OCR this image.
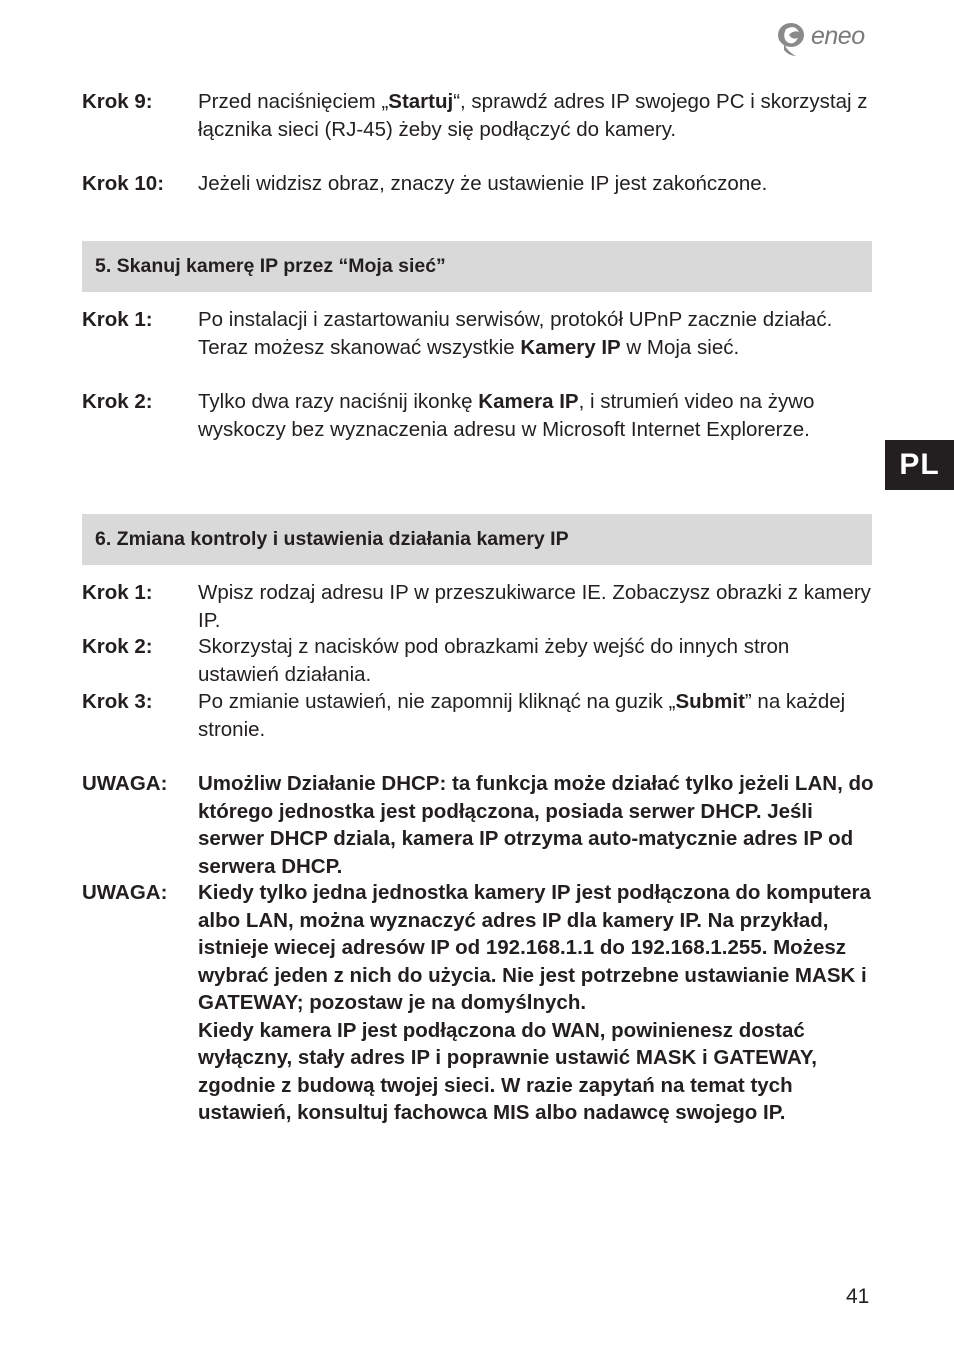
eneo
Krok 9:	Przed naciśnięciem „Startuj“, sprawdź adres IP swojego PC i skorzystaj z łącznika sieci (RJ-45) żeby się podłączyć do kamery.
Krok 10:	Jeżeli widzisz obraz, znaczy że ustawienie IP jest zakończone.
5. Skanuj kamerę IP przez “Moja sieć”
Krok 1:	Po instalacji i zastartowaniu serwisów, protokół UPnP zacznie działać. Teraz możesz skanować wszystkie Kamery IP w Moja sieć.
Krok 2:	Tylko dwa razy naciśnij ikonkę Kamera IP, i strumień video na żywo wyskoczy bez wyznaczenia adresu w Microsoft Internet Explorerze.
PL
6. Zmiana kontroly i ustawienia działania kamery IP
Krok 1:	Wpisz rodzaj adresu IP w przeszukiwarce IE. Zobaczysz obrazki z kamery IP.
Krok 2:	Skorzystaj z nacisków pod obrazkami żeby wejść do innych stron ustawień działania.
Krok 3:	Po zmianie ustawień, nie zapomnij kliknąć na guzik „Submit” na każdej stronie.
UWAGA:	Umożliw Działanie DHCP: ta funkcja może działać tylko jeżeli LAN, do którego jednostka jest podłączona, posiada serwer DHCP. Jeśli serwer DHCP dziala, kamera IP otrzyma auto-matycznie adres IP od serwera DHCP.
UWAGA:	Kiedy tylko jedna jednostka kamery IP jest podłączona do komputera albo LAN, można wyznaczyć adres IP dla kamery IP. Na przykład, istnieje wiecej adresów IP od 192.168.1.1 do 192.168.1.255. Możesz wybrać jeden z nich do użycia. Nie jest potrzebne ustawianie MASK i GATEWAY; pozostaw je na domyślnych.
Kiedy kamera IP jest podłączona do WAN, powinienesz dostać wyłączny, stały adres IP i poprawnie ustawić MASK i GATEWAY, zgodnie z budową twojej sieci. W razie zapytań na temat tych ustawień, konsultuj fachowca MIS albo nadawcę swojego IP.
41
